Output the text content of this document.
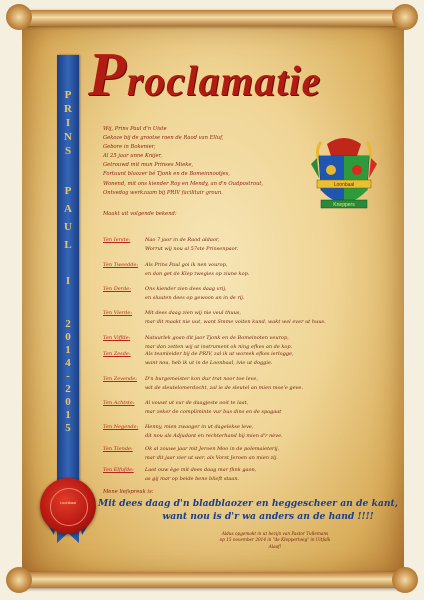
P
R
I
N
S
P
A
U
L
I
2
0
1
4
-
2
0
1
5
Loonbaal
Proclamatie
Loonbaal
Kneppers
Wij, Prins Paul d'n Uiste
Gekoze bij de grootse raen de Raod van Elluf,
Gebore in Bokenier,
Al 25 jaar unne Knijer,
Getrouwd mit mun Prinses Mieke,
Fortuunt blaozer bé Tjonk en de Bomeinnootjes,
Wonend, mit ons kiender Roy en Mendy, an d'n Oudpostrout,
Ontvedag werkzaam bij PRIV facilitair groun.
Maakt uit volgende bekend:
Ten Ierste:	Nao 7 jaor in de Raod aldaor,
Worrut wij nou al 57ste Prinsenpaor.
Ten Tweedde:	Als Prins Paul goi ik nen vourop,
en dan get de Klep twegies op ziune kop.
Ten Derde:	Ons kiender zien dees daag vrij,
en sluuten dees op gewoon an in de rij.
Ten Vierde:	Mit dees daag zien wij nie veul thuus,
mar dit maakt nie uut, want Smme voiten kund, wakt wel ever ut huus.
Ten Viffde:	Natuurlek goan dit jaor Tjonk en de Bomeinoten veurop,
mar dan zetten wij ut instrument ok ning efkes an de kop.
Ten Zesde:	Als teamleider bij de PRIV, zal ik ut woreek efkes ierlogge,
want nou, heb ik ut in de Loonbaal, ivie ut doggie.
Ten Zevende:	D'n burgemeister kon dur trat noor toe leve,
wit de sleutelomerdocht, zal ie de sleutel an mien moe'e geve.
Ten Achtste:	Al vouwt ut vur de daagjeste ooit te laat,
mar zeker de compliminte vur bus dins en de spagaat
Ten Negende:	Henny, mien zwaoger in ut dagelekse leve,
dit nou als Adjudant en rechterhand bij mien d'r nève.
Ten Tiende:	Ok al zouwe jaar mit Jeroen Moo in de polemaieterij,
mar dit jaar vier ut wer, als Vorst Jeroen an mien zij.
Ten Elfufde:	Laot ouw ège mit dees daag mar flink gaon,
as gij mar op beide bene blieft staan.
Mene liefspreuk is:
Mit dees daag d'n bladblaozer en heggescheer an de kant,
want nou is d'r wa anders an de hand !!!!
Aldus opgemakt in ut bezijn van Pastor Tullemans
op 15 november 2014 in "de Kleppertoeg" in Uitfalk
Alaaf!
